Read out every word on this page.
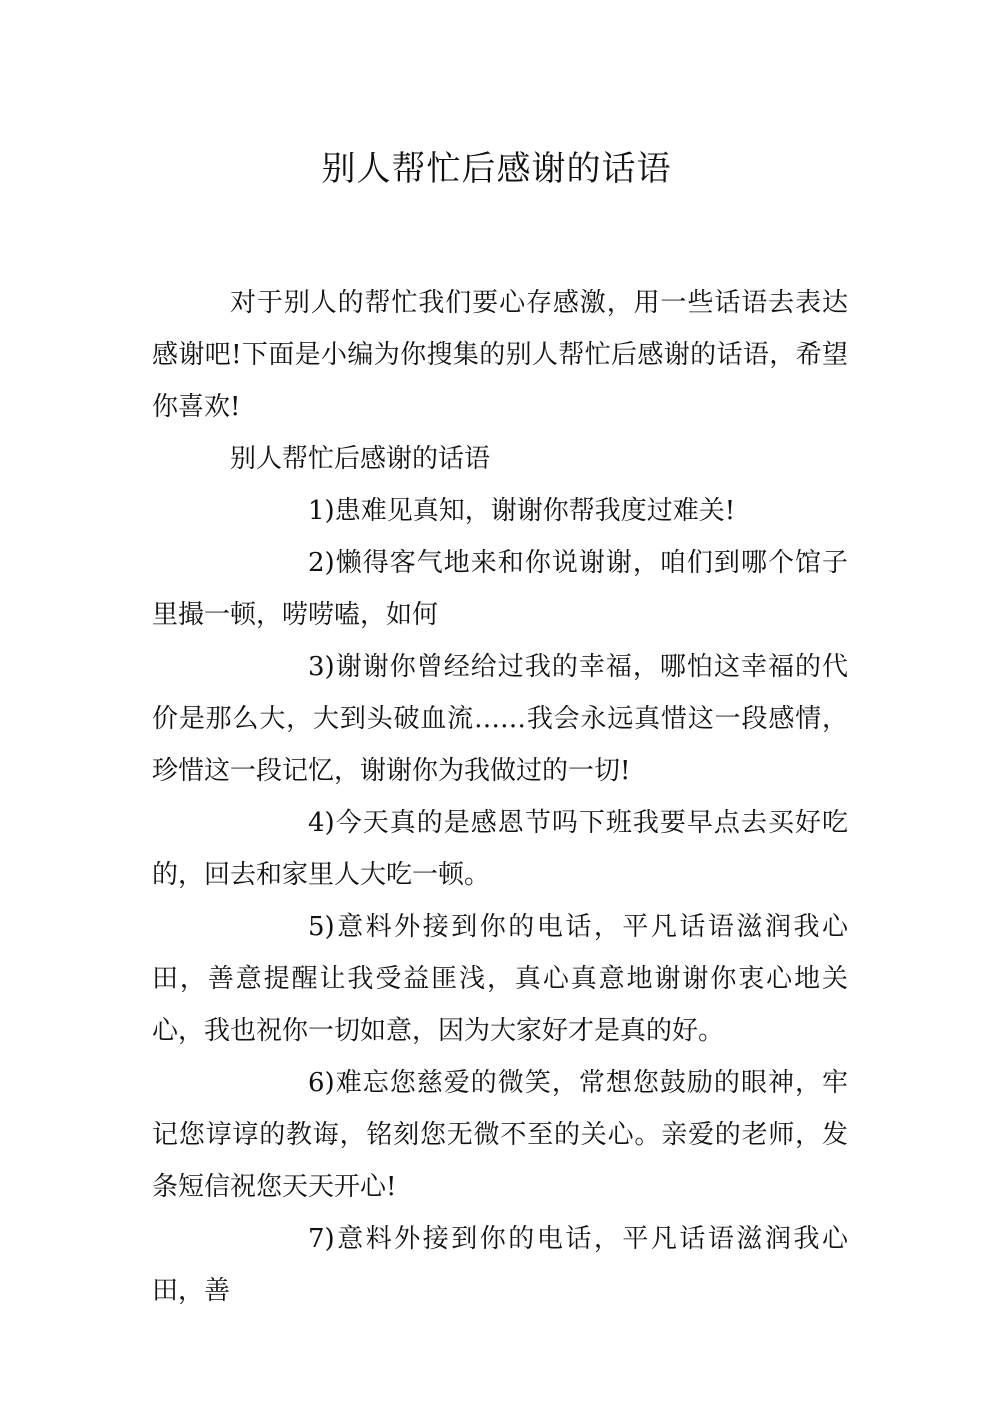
别人帮忙后感谢的话语

对于别人的帮忙我们要心存感激，用一些话语去表达感谢吧!下面是小编为你搜集的别人帮忙后感谢的话语，希望你喜欢!

别人帮忙后感谢的话语

1)患难见真知，谢谢你帮我度过难关!

2)懒得客气地来和你说谢谢，咱们到哪个馆子里撮一顿，唠唠嗑，如何

3)谢谢你曾经给过我的幸福，哪怕这幸福的代价是那么大，大到头破血流……我会永远真惜这一段感情，珍惜这一段记忆，谢谢你为我做过的一切!

4)今天真的是感恩节吗下班我要早点去买好吃的，回去和家里人大吃一顿。

5)意料外接到你的电话，平凡话语滋润我心田，善意提醒让我受益匪浅，真心真意地谢谢你衷心地关心，我也祝你一切如意，因为大家好才是真的好。

6)难忘您慈爱的微笑，常想您鼓励的眼神，牢记您谆谆的教诲，铭刻您无微不至的关心。亲爱的老师，发条短信祝您天天开心!

7)意料外接到你的电话，平凡话语滋润我心田，善
